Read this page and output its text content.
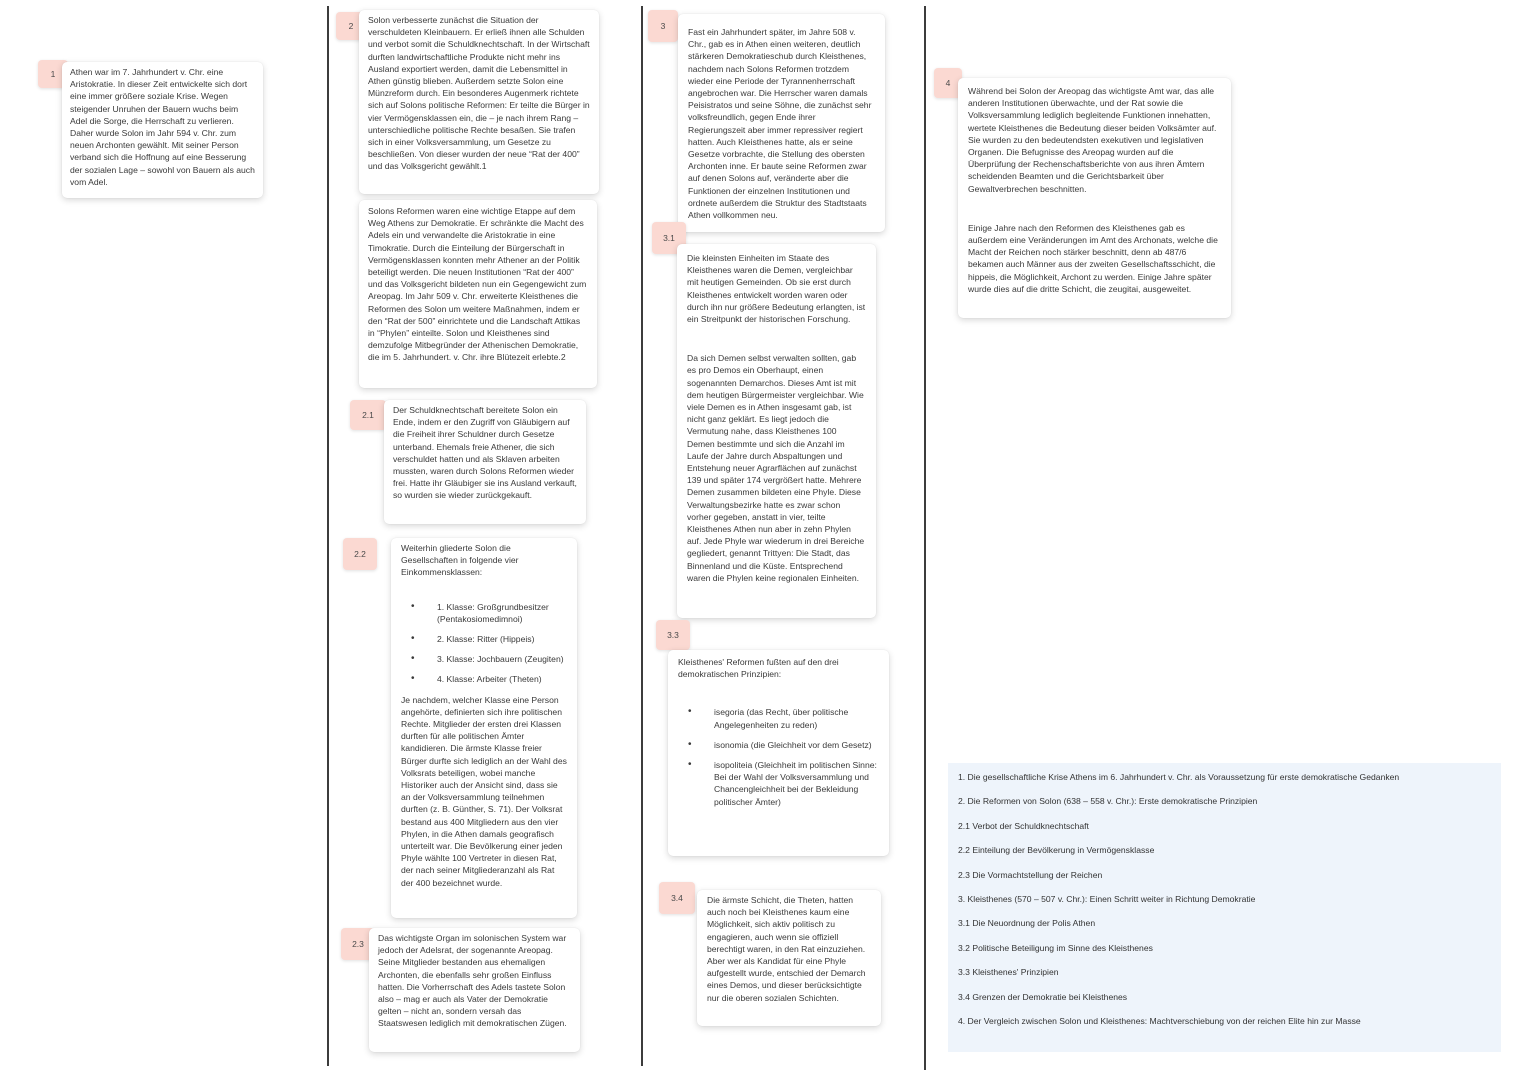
1	Athen war im 7. Jahrhundert v. Chr. eine Aristokratie. In dieser Zeit entwickelte sich dort eine immer größere soziale Krise. Wegen steigender Unruhen der Bauern wuchs beim Adel die Sorge, die Herrschaft zu verlieren. Daher wurde Solon im Jahr 594 v. Chr. zum neuen Archonten gewählt. Mit seiner Person verband sich die Hoffnung auf eine Besserung der sozialen Lage – sowohl von Bauern als auch vom Adel.

2

Solon verbesserte zunächst die Situation der verschuldeten Kleinbauern. Er erließ ihnen alle Schulden und verbot somit die Schuldknechtschaft. In der Wirtschaft durften landwirtschaftliche Produkte nicht mehr ins Ausland exportiert werden, damit die Lebensmittel in Athen günstig blieben. Außerdem setzte Solon eine Münzreform durch. Ein besonderes Augenmerk richtete sich auf Solons politische Reformen: Er teilte die Bürger in vier Vermögensklassen ein, die – je nach ihrem Rang – unterschiedliche politische Rechte besaßen. Sie trafen sich in einer Volksversammlung, um Gesetze zu beschließen. Von dieser wurden der neue “Rat der 400” und das Volksgericht gewählt.1

Solons Reformen waren eine wichtige Etappe auf dem Weg Athens zur Demokratie. Er schränkte die Macht des Adels ein und verwandelte die Aristokratie in eine Timokratie. Durch die Einteilung der Bürgerschaft in Vermögensklassen konnten mehr Athener an der Politik beteiligt werden. Die neuen Institutionen “Rat der 400” und das Volksgericht bildeten nun ein Gegengewicht zum Areopag. Im Jahr 509 v. Chr. erweiterte Kleisthenes die Reformen des Solon um weitere Maßnahmen, indem er den “Rat der 500” einrichtete und die Landschaft Attikas in “Phylen” einteilte. Solon und Kleisthenes sind demzufolge Mitbegründer der Athenischen Demokratie, die im 5. Jahrhundert. v. Chr. ihre Blütezeit erlebte.2

2.1	Der Schuldknechtschaft bereitete Solon ein Ende, indem er den Zugriff von Gläubigern auf die Freiheit ihrer Schuldner durch Gesetze unterband. Ehemals freie Athener, die sich verschuldet hatten und als Sklaven arbeiten mussten, waren durch Solons Reformen wieder frei. Hatte ihr Gläubiger sie ins Ausland verkauft, so wurden sie wieder zurückgekauft.

2.2

Weiterhin gliederte Solon die Gesellschaften in folgende vier Einkommensklassen:

• 1. Klasse: Großgrundbesitzer (Pentakosiomedimnoi)
• 2. Klasse: Ritter (Hippeis)
• 3. Klasse: Jochbauern (Zeugiten)
• 4. Klasse: Arbeiter (Theten)

Je nachdem, welcher Klasse eine Person angehörte, definierten sich ihre politischen Rechte. Mitglieder der ersten drei Klassen durften für alle politischen Ämter kandidieren. Die ärmste Klasse freier Bürger durfte sich lediglich an der Wahl des Volksrats beteiligen, wobei manche Historiker auch der Ansicht sind, dass sie an der Volksversammlung teilnehmen durften (z. B. Günther, S. 71). Der Volksrat bestand aus 400 Mitgliedern aus den vier Phylen, in die Athen damals geografisch unterteilt war. Die Bevölkerung einer jeden Phyle wählte 100 Vertreter in diesen Rat, der nach seiner Mitgliederanzahl als Rat der 400 bezeichnet wurde.

2.3

Das wichtigste Organ im solonischen System war jedoch der Adelsrat, der sogenannte Areopag. Seine Mitglieder bestanden aus ehemaligen Archonten, die ebenfalls sehr großen Einfluss hatten. Die Vorherrschaft des Adels tastete Solon also – mag er auch als Vater der Demokratie gelten – nicht an, sondern versah das Staatswesen lediglich mit demokratischen Zügen.

3

Fast ein Jahrhundert später, im Jahre 508 v. Chr., gab es in Athen einen weiteren, deutlich stärkeren Demokratieschub durch Kleisthenes, nachdem nach Solons Reformen trotzdem wieder eine Periode der Tyrannenherrschaft angebrochen war. Die Herrscher waren damals Peisistratos und seine Söhne, die zunächst sehr volksfreundlich, gegen Ende ihrer Regierungszeit aber immer repressiver regiert hatten. Auch Kleisthenes hatte, als er seine Gesetze vorbrachte, die Stellung des obersten Archonten inne. Er baute seine Reformen zwar auf denen Solons auf, veränderte aber die Funktionen der einzelnen Institutionen und ordnete außerdem die Struktur des Stadtstaats Athen vollkommen neu.

3.1

Die kleinsten Einheiten im Staate des Kleisthenes waren die Demen, vergleichbar mit heutigen Gemeinden. Ob sie erst durch Kleisthenes entwickelt worden waren oder durch ihn nur größere Bedeutung erlangten, ist ein Streitpunkt der historischen Forschung.

Da sich Demen selbst verwalten sollten, gab es pro Demos ein Oberhaupt, einen sogenannten Demarchos. Dieses Amt ist mit dem heutigen Bürgermeister vergleichbar. Wie viele Demen es in Athen insgesamt gab, ist nicht ganz geklärt. Es liegt jedoch die Vermutung nahe, dass Kleisthenes 100 Demen bestimmte und sich die Anzahl im Laufe der Jahre durch Abspaltungen und Entstehung neuer Agrarflächen auf zunächst 139 und später 174 vergrößert hatte. Mehrere Demen zusammen bildeten eine Phyle. Diese Verwaltungsbezirke hatte es zwar schon vorher gegeben, anstatt in vier, teilte Kleisthenes Athen nun aber in zehn Phylen auf. Jede Phyle war wiederum in drei Bereiche gegliedert, genannt Trittyen: Die Stadt, das Binnenland und die Küste. Entsprechend waren die Phylen keine regionalen Einheiten.

3.3

Kleisthenes' Reformen fußten auf den drei demokratischen Prinzipien:

• isegoria (das Recht, über politische Angelegenheiten zu reden)
• isonomia (die Gleichheit vor dem Gesetz)
• isopoliteia (Gleichheit im politischen Sinne: Bei der Wahl der Volksversammlung und Chancengleichheit bei der Bekleidung politischer Ämter)
3.4	Die ärmste Schicht, die Theten, hatten auch noch bei Kleisthenes kaum eine Möglichkeit, sich aktiv politisch zu engagieren, auch wenn sie offiziell berechtigt waren, in den Rat einzuziehen. Aber wer als Kandidat für eine Phyle aufgestellt wurde, entschied der Demarch eines Demos, und dieser berücksichtigte nur die oberen sozialen Schichten.

4

Während bei Solon der Areopag das wichtigste Amt war, das alle anderen Institutionen überwachte, und der Rat sowie die Volksversammlung lediglich begleitende Funktionen innehatten, wertete Kleisthenes die Bedeutung dieser beiden Volksämter auf. Sie wurden zu den bedeutendsten exekutiven und legislativen Organen. Die Befugnisse des Areopag wurden auf die Überprüfung der Rechenschaftsberichte von aus ihren Ämtern scheidenden Beamten und die Gerichtsbarkeit über Gewaltverbrechen beschnitten.

Einige Jahre nach den Reformen des Kleisthenes gab es außerdem eine Veränderungen im Amt des Archonats, welche die Macht der Reichen noch stärker beschnitt, denn ab 487/6 bekamen auch Männer aus der zweiten Gesellschaftsschicht, die hippeis, die Möglichkeit, Archont zu werden. Einige Jahre später wurde dies auf die dritte Schicht, die zeugitai, ausgeweitet.

1. Die gesellschaftliche Krise Athens im 6. Jahrhundert v. Chr. als Voraussetzung für erste demokratische Gedanken
2. Die Reformen von Solon (638 – 558 v. Chr.): Erste demokratische Prinzipien
2.1 Verbot der Schuldknechtschaft
2.2 Einteilung der Bevölkerung in Vermögensklasse
2.3 Die Vormachtstellung der Reichen
3. Kleisthenes (570 – 507 v. Chr.): Einen Schritt weiter in Richtung Demokratie
3.1 Die Neuordnung der Polis Athen
3.2 Politische Beteiligung im Sinne des Kleisthenes
3.3 Kleisthenes' Prinzipien
3.4 Grenzen der Demokratie bei Kleisthenes
4. Der Vergleich zwischen Solon und Kleisthenes: Machtverschiebung von der reichen Elite hin zur Masse
